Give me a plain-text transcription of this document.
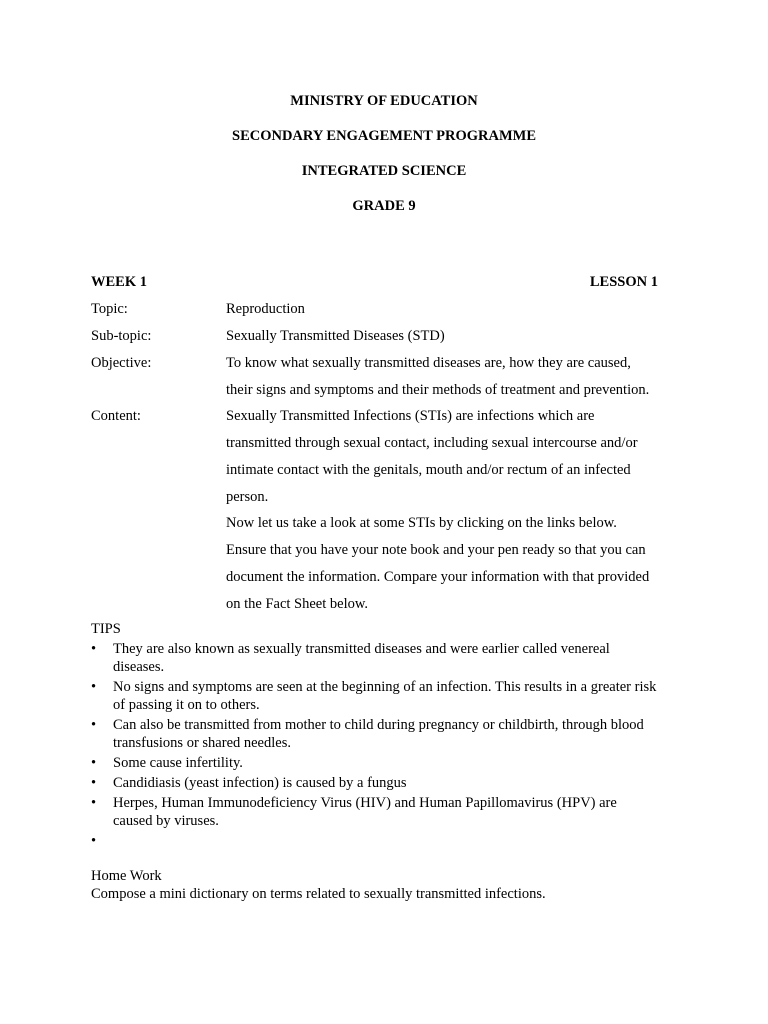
MINISTRY OF EDUCATION
SECONDARY ENGAGEMENT PROGRAMME
INTEGRATED SCIENCE
GRADE 9
WEEK 1	LESSON 1
Topic:	Reproduction
Sub-topic:	Sexually Transmitted Diseases (STD)
Objective:	To know what sexually transmitted diseases are, how they are caused,
their signs and symptoms and their methods of treatment and prevention.
Content:	Sexually Transmitted Infections (STIs) are infections which are
transmitted through sexual contact, including sexual intercourse and/or
intimate contact with the genitals, mouth and/or rectum of an infected
person.
Now let us take a look at some STIs by clicking on the links below.
Ensure that you have your note book and your pen ready so that you can
document the information. Compare your information with that provided
on the Fact Sheet below.
TIPS
•	They are also known as sexually transmitted diseases and were earlier called venereal
diseases.
•	No signs and symptoms are seen at the beginning of an infection. This results in a greater risk
of passing it on to others.
•	Can also be transmitted from mother to child during pregnancy or childbirth, through blood
transfusions or shared needles.
•	Some cause infertility.
•	Candidiasis (yeast infection) is caused by a fungus
•	Herpes, Human Immunodeficiency Virus (HIV) and Human Papillomavirus (HPV) are
caused by viruses.
•
Home Work
Compose a mini dictionary on terms related to sexually transmitted infections.
